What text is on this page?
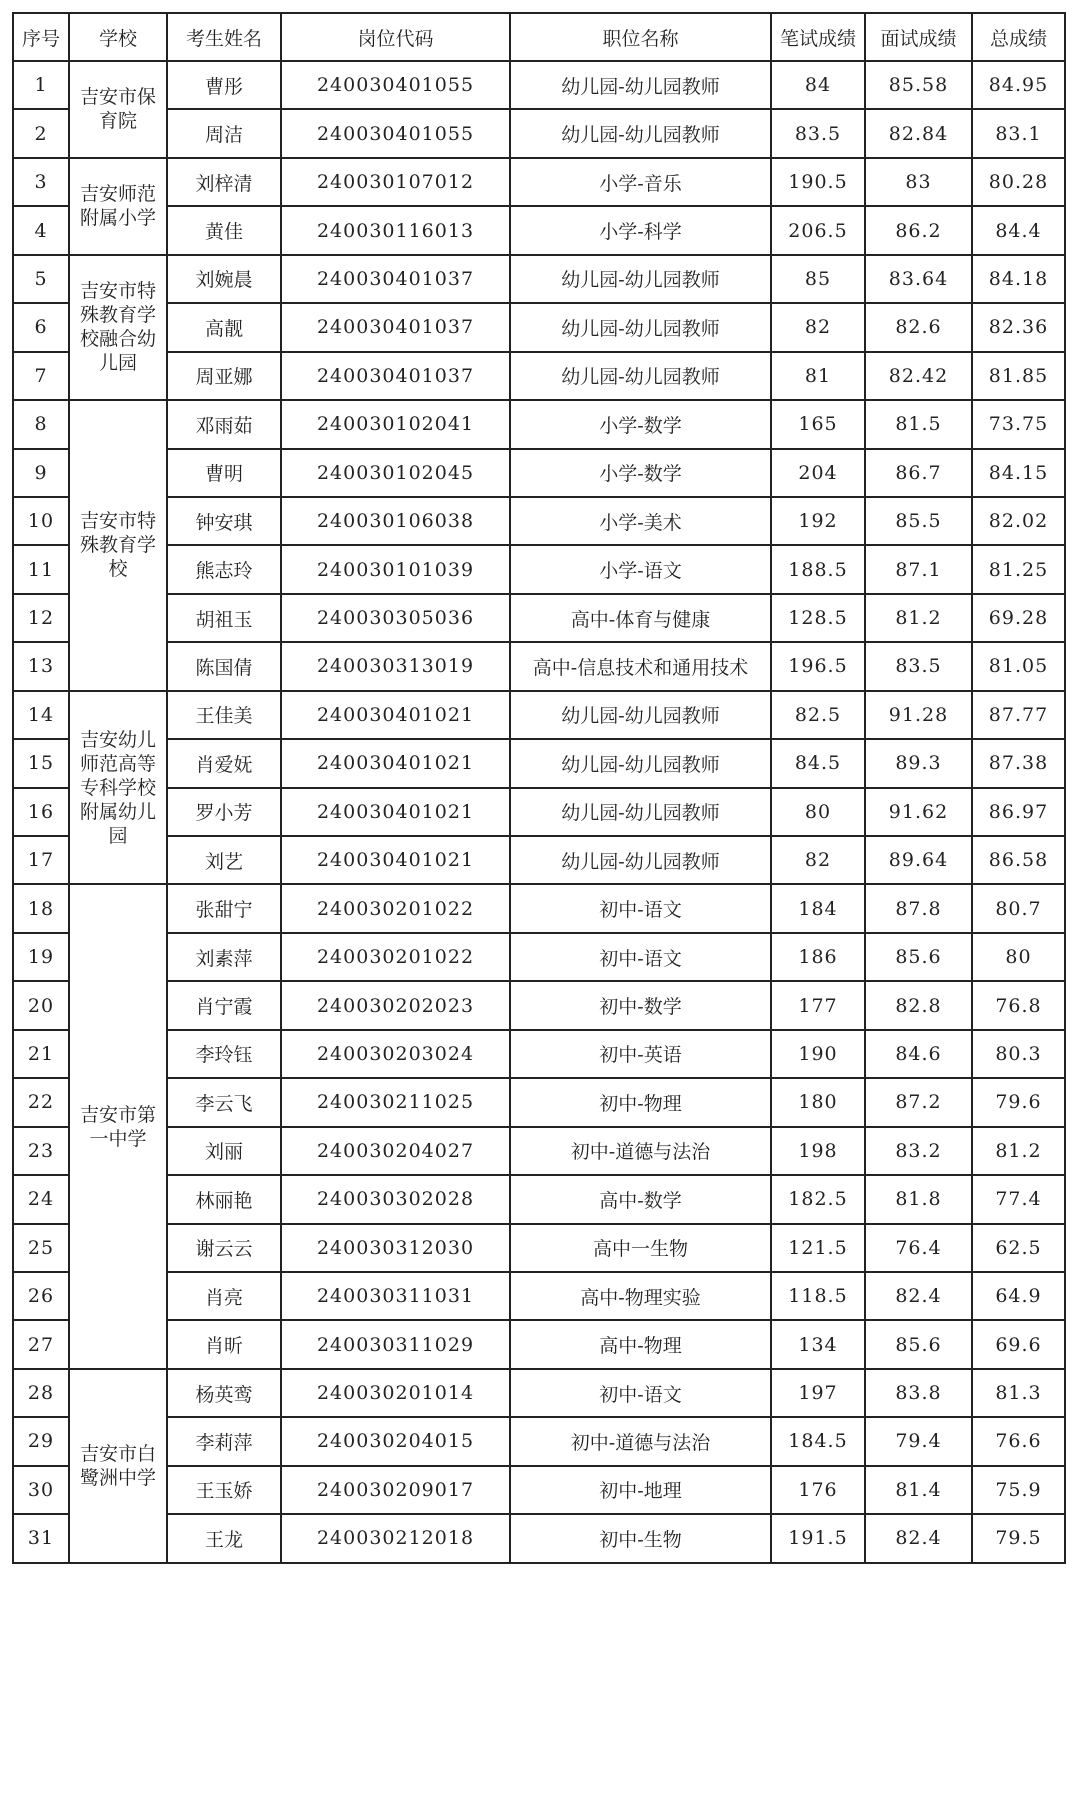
序号	学校	考生姓名	岗位代码	职位名称	笔试成绩	面试成绩	总成绩
1	吉安市保育院	曹彤	240030401055	幼儿园-幼儿园教师	84	85.58	84.95
2		周洁	240030401055	幼儿园-幼儿园教师	83.5	82.84	83.1
3	吉安师范附属小学	刘梓清	240030107012	小学-音乐	190.5	83	80.28
4		黄佳	240030116013	小学-科学	206.5	86.2	84.4
5	吉安市特殊教育学校融合幼儿园	刘婉晨	240030401037	幼儿园-幼儿园教师	85	83.64	84.18
6		高靓	240030401037	幼儿园-幼儿园教师	82	82.6	82.36
7		周亚娜	240030401037	幼儿园-幼儿园教师	81	82.42	81.85
8	吉安市特殊教育学校	邓雨茹	240030102041	小学-数学	165	81.5	73.75
9		曹明	240030102045	小学-数学	204	86.7	84.15
10		钟安琪	240030106038	小学-美术	192	85.5	82.02
11		熊志玲	240030101039	小学-语文	188.5	87.1	81.25
12		胡祖玉	240030305036	高中-体育与健康	128.5	81.2	69.28
13		陈国倩	240030313019	高中-信息技术和通用技术	196.5	83.5	81.05
14	吉安幼儿师范高等专科学校附属幼儿园	王佳美	240030401021	幼儿园-幼儿园教师	82.5	91.28	87.77
15		肖爱妩	240030401021	幼儿园-幼儿园教师	84.5	89.3	87.38
16		罗小芳	240030401021	幼儿园-幼儿园教师	80	91.62	86.97
17		刘艺	240030401021	幼儿园-幼儿园教师	82	89.64	86.58
18	吉安市第一中学	张甜宁	240030201022	初中-语文	184	87.8	80.7
19		刘素萍	240030201022	初中-语文	186	85.6	80
20		肖宁霞	240030202023	初中-数学	177	82.8	76.8
21		李玲钰	240030203024	初中-英语	190	84.6	80.3
22		李云飞	240030211025	初中-物理	180	87.2	79.6
23		刘丽	240030204027	初中-道德与法治	198	83.2	81.2
24		林丽艳	240030302028	高中-数学	182.5	81.8	77.4
25		谢云云	240030312030	高中一生物	121.5	76.4	62.5
26		肖亮	240030311031	高中-物理实验	118.5	82.4	64.9
27		肖昕	240030311029	高中-物理	134	85.6	69.6
28	吉安市白鹭洲中学	杨英鸾	240030201014	初中-语文	197	83.8	81.3
29		李莉萍	240030204015	初中-道德与法治	184.5	79.4	76.6
30		王玉娇	240030209017	初中-地理	176	81.4	75.9
31		王龙	240030212018	初中-生物	191.5	82.4	79.5
